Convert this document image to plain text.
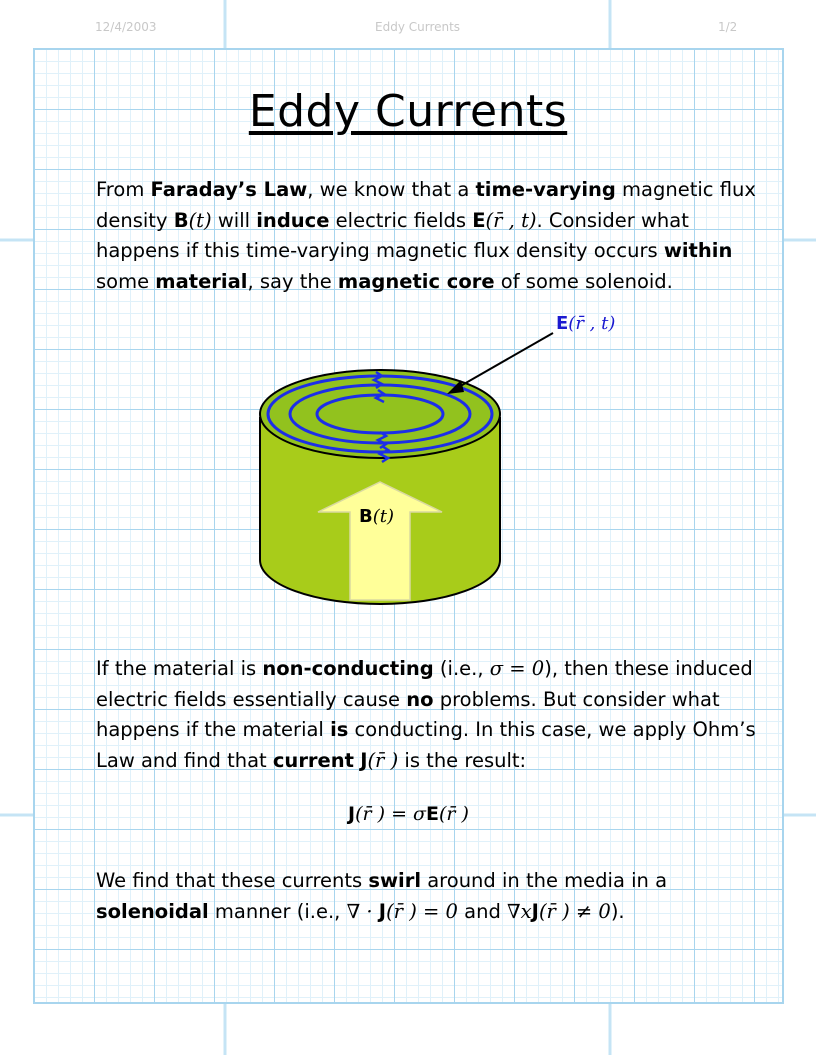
12/4/2003	Eddy Currents	1/2
Eddy Currents
From Faraday’s Law, we know that a time-varying magnetic flux density B(t) will induce electric fields E(r̄ , t). Consider what happens if this time-varying magnetic flux density occurs within some material, say the magnetic core of some solenoid.
E(r̄ , t)
B(t)
If the material is non-conducting (i.e., σ = 0), then these induced electric fields essentially cause no problems. But consider what happens if the material is conducting. In this case, we apply Ohm’s Law and find that current J(r̄ ) is the result:
J(r̄ ) = σE(r̄ )
We find that these currents swirl around in the media in a solenoidal manner (i.e., ∇ · J(r̄ ) = 0 and ∇xJ(r̄ ) ≠ 0).
